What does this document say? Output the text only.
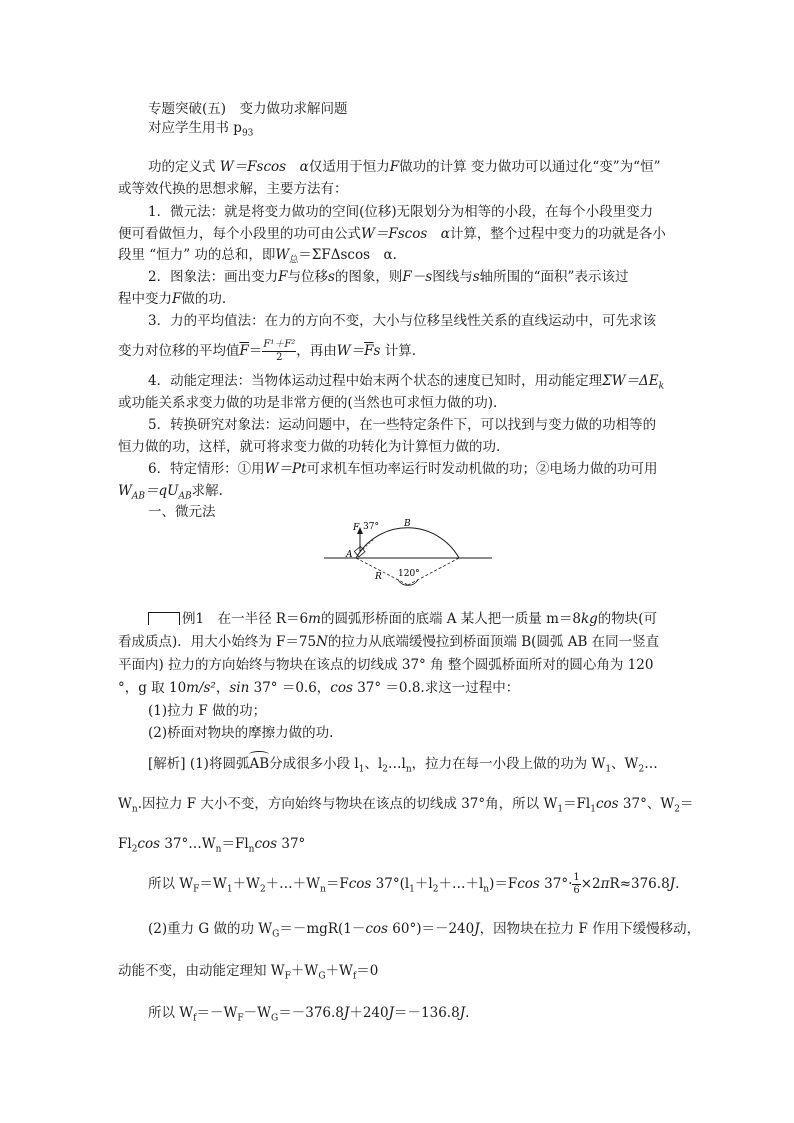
专题突破(五)　变力做功求解问题
对应学生用书 $p_{93}$
功的定义式 W＝Fscos　α仅适用于恒力F做功的计算 变力做功可以通过化“变”为“恒”
或等效代换的思想求解，主要方法有：
1．微元法：就是将变力做功的空间(位移)无限划分为相等的小段，在每个小段里变力
便可看做恒力，每个小段里的功可由公式W＝Fscos　α计算，整个过程中变力的功就是各小
段里 “恒力” 功的总和，即$W_总=\Sigma F\Delta scos$　α.
2．图象法：画出变力F与位移s的图象，则F－s图线与s轴所围的“面积”表示该过
程中变力F做的功.
3．力的平均值法：在力的方向不变，大小与位移呈线性关系的直线运动中，可先求该
变力对位移的平均值$\overline{F}= \frac{\text{F¹＋F²}}{2}$ ，再由$W=\overline{F}s$ 计算.
4．动能定理法：当物体运动过程中始末两个状态的速度已知时，用动能定理$\Sigma W=\Delta E_k$
或功能关系求变力做的功是非常方便的(当然也可求恒力做的功).
5．转换研究对象法：运动问题中，在一些特定条件下，可以找到与变力做的功相等的
恒力做的功，这样，就可将求变力做的功转化为计算恒力做的功.
6．特定情形：①用W＝Pt可求机车恒功率运行时发动机做的功；②电场力做的功可用
$W_{AB}=qU_{AB}$求解.
一、微元法
F 37°	B
A
R 120°
例1　在一半径 R＝6m的圆弧形桥面的底端 A 某人把一质量 m＝8kg的物块(可
看成质点)．用大小始终为 F＝75N的拉力从底端缓慢拉到桥面顶端 B(圆弧 AB 在同一竖直
平面内) 拉力的方向始终与物块在该点的切线成 37° 角 整个圆弧桥面所对的圆心角为 120
°，g 取 10m/s²，sin 37° ＝0.6，cos 37° ＝0.8.求这一过程中：
(1)拉力 F 做的功；
(2)桥面对物块的摩擦力做的功.
[解析] (1)将圆弧AB分成很多小段 $l_1$、$l_2\dots l_n$，拉力在每一小段上做的功为 $W_1$、$W_2\dots$
$W_n$.因拉力 F 大小不变，方向始终与物块在该点的切线成 37°角，所以 $W_1=Fl_1\cos$ 37°、$W_2=$
$Fl_2\cos$ $37^\circ\dots W_n=Fl_n\cos$ 37°
所以 $W_F=W_1+W_2+\dots+W_n=Fcos$ $37^\circ(l_1+l_2+\dots+l_n)=Fcos$ $37^\circ\cdot \frac{1}{6} \times 2\pi R\approx 376.8J$.
(2)重力 G 做的功 $W_G=-mgR(1-\cos$ 60°)＝－240J，因物块在拉力 F 作用下缓慢移动，
动能不变，由动能定理知 $W_F+W_G+W_f=0$
所以 $W_f=-W_F-W_G=-376.8J+240J=-136.8J$.
